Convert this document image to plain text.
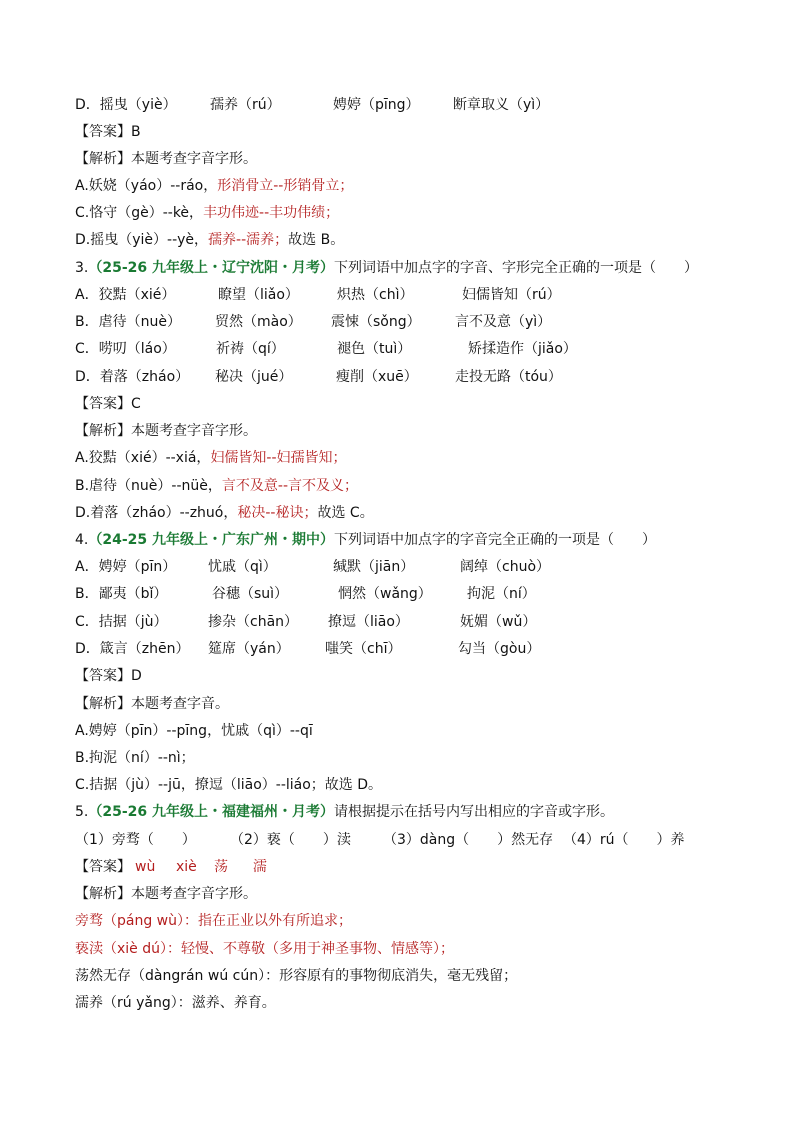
D．摇曳（yiè） 孺养（rú）	娉婷（pīng） 断章取义（yì）
【答案】B
【解析】本题考查字音字形。
A.妖娆（yáo）--ráo，形消骨立--形销骨立；
C.恪守（gè）--kè，丰功伟迹--丰功伟绩；
D.摇曳（yiè）--yè，孺养--濡养；故选 B。
3.（25-26 九年级上・辽宁沈阳・月考）下列词语中加点字的字音、字形完全正确的一项是（　　）
A．狡黠（xié）	瞭望（liǎo）	炽热（chì）	妇儒皆知（rú）
B．虐待（nuè） 贸然（mào） 震悚（sǒng） 言不及意（yì）
C．唠叨（láo）	祈祷（qí）	褪色（tuì）	矫揉造作（jiǎo）
D．着落（zháo） 秘决（jué）	瘦削（xuē）	走投无路（tóu）
【答案】C
【解析】本题考查字音字形。
A.狡黠（xié）--xiá，妇儒皆知--妇孺皆知；
B.虐待（nuè）--nüè，言不及意--言不及义；
D.着落（zháo）--zhuó，秘决--秘诀；故选 C。
4.（24-25 九年级上・广东广州・期中）下列词语中加点字的字音完全正确的一项是（　　）
A．娉婷（pīn） 忧戚（qì）	缄默（jiān）	阔绰（chuò）
B．鄙夷（bǐ）	谷穗（suì）	惘然（wǎng）	拘泥（ní）
C．拮据（jù）	掺杂（chān） 撩逗（liāo）	妩媚（wǔ）
D．箴言（zhēn） 筵席（yán）	嗤笑（chī）	勾当（gòu）
【答案】D
【解析】本题考查字音。
A.娉婷（pīn）--pīng，忧戚（qì）--qī
B.拘泥（ní）--nì；
C.拮据（jù）--jū，撩逗（liāo）--liáo；故选 D。
5.（25-26 九年级上・福建福州・月考）请根据提示在括号内写出相应的字音或字形。
（1）旁骛（　　） （2）亵（　　）渎 （3）dàng（　　）然无存 （4）rú（　　）养
【答案】 wù xiè 荡 濡
【解析】本题考查字音字形。
旁骛（páng wù）：指在正业以外有所追求；
亵渎（xiè dú）：轻慢、不尊敬（多用于神圣事物、情感等）；
荡然无存（dàngrán wú cún）：形容原有的事物彻底消失，毫无残留；
濡养（rú yǎng）：滋养、养育。
